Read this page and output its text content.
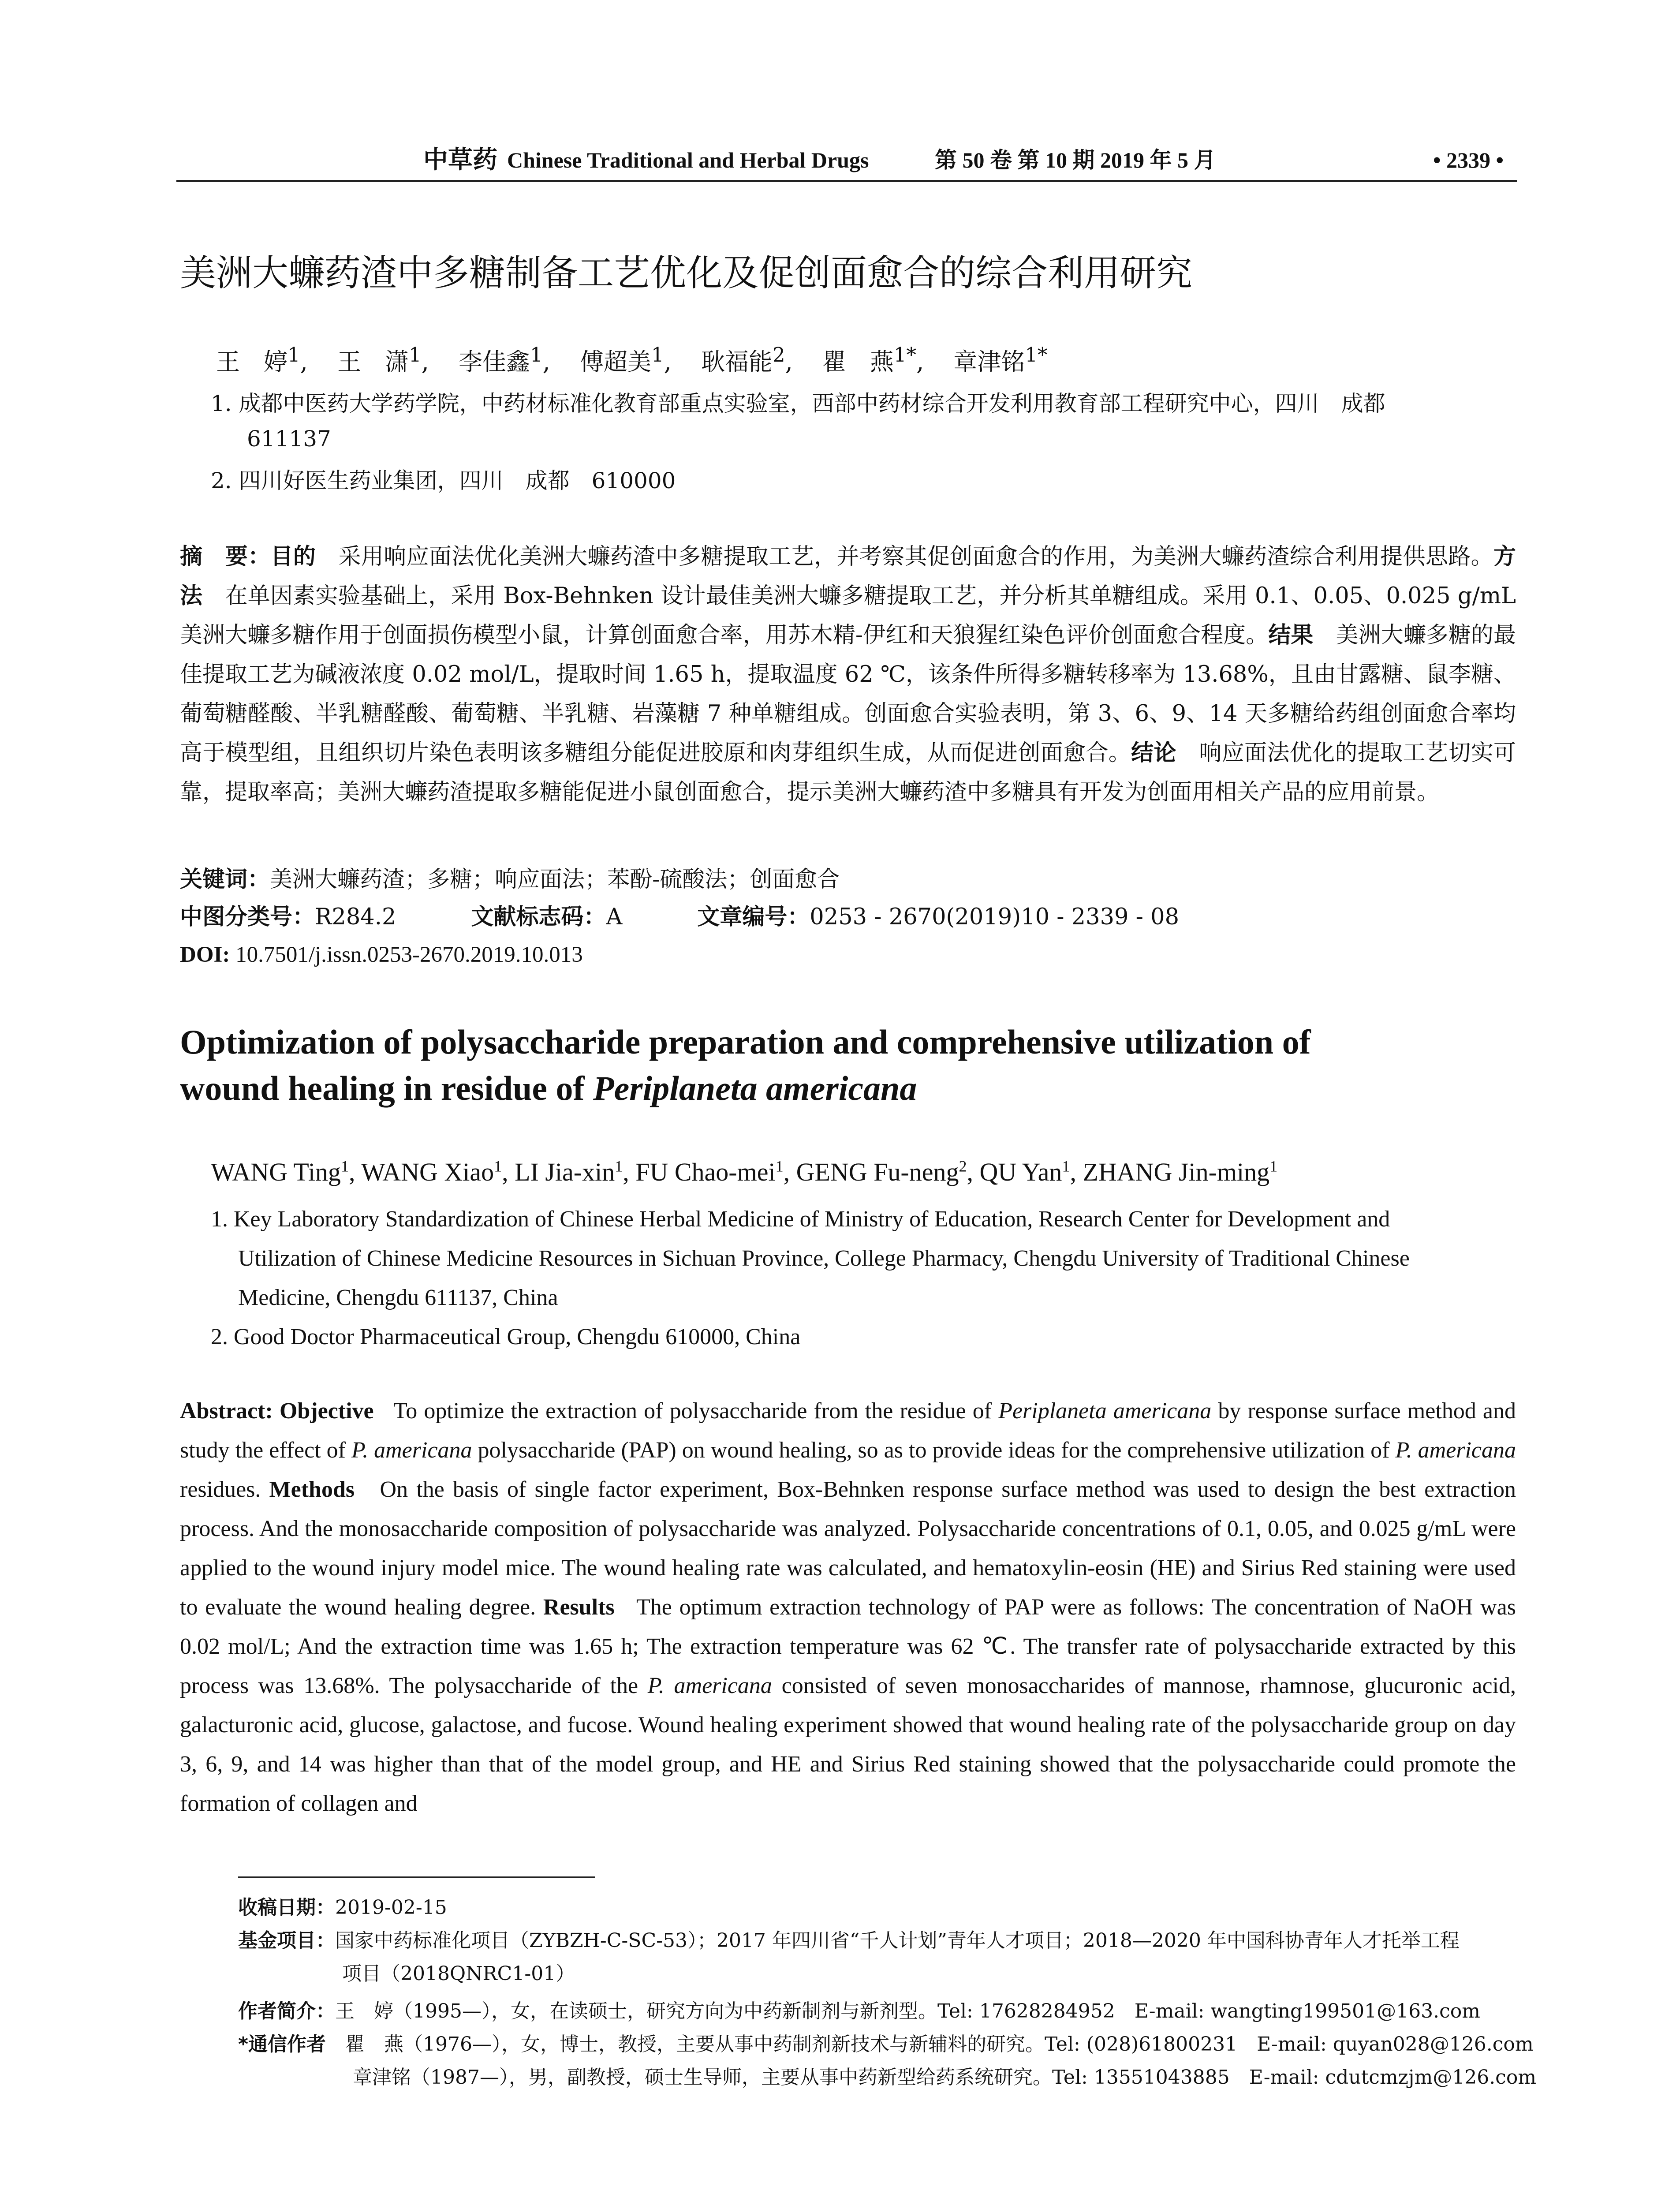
中草药 Chinese Traditional and Herbal Drugs	第 50 卷 第 10 期 2019 年 5 月	• 2339 •
美洲大蠊药渣中多糖制备工艺优化及促创面愈合的综合利用研究
王　婷$^1$, 王　潇$^1$, 李佳鑫$^1$, 傅超美$^1$, 耿福能$^2$, 瞿　燕$^{1*}$, 章津铭$^{1*}$
1. 成都中医药大学药学院，中药材标准化教育部重点实验室，西部中药材综合开发利用教育部工程研究中心，四川　成都
611137
2. 四川好医生药业集团，四川　成都　610000
摘　要：目的　 采用响应面法优化美洲大蠊药渣中多糖提取工艺，并考察其促创面愈合的作用，为美洲大蠊药渣综合利用提供思路。方法　 在单因素实验基础上，采用 Box-Behnken 设计最佳美洲大蠊多糖提取工艺，并分析其单糖组成。采用 0.1、0.05、0.025 g/mL 美洲大蠊多糖作用于创面损伤模型小鼠，计算创面愈合率，用苏木精-伊红和天狼猩红染色评价创面愈合程度。结果　 美洲大蠊多糖的最佳提取工艺为碱液浓度 0.02 mol/L，提取时间 1.65 h，提取温度 62 ℃，该条件所得多糖转移率为 13.68%，且由甘露糖、鼠李糖、葡萄糖醛酸、半乳糖醛酸、葡萄糖、半乳糖、岩藻糖 7 种单糖组成。创面愈合实验表明，第 3、6、9、14 天多糖给药组创面愈合率均高于模型组，且组织切片染色表明该多糖组分能促进胶原和肉芽组织生成，从而促进创面愈合。结论　 响应面法优化的提取工艺切实可靠，提取率高；美洲大蠊药渣提取多糖能促进小鼠创面愈合，提示美洲大蠊药渣中多糖具有开发为创面用相关产品的应用前景。
关键词：美洲大蠊药渣；多糖；响应面法；苯酚-硫酸法；创面愈合
中图分类号：R284.2	文献标志码：A	文章编号：0253 - 2670(2019)10 - 2339 - 08
DOI: 10.7501/j.issn.0253-2670.2019.10.013
Optimization of polysaccharide preparation and comprehensive utilization of
wound healing in residue of Periplaneta americana
WANG Ting$^1$, WANG Xiao$^1$, LI Jia-xin$^1$, FU Chao-mei$^1$, GENG Fu-neng$^2$, QU Yan$^1$, ZHANG Jin-ming$^1$
1. Key Laboratory Standardization of Chinese Herbal Medicine of Ministry of Education, Research Center for Development and
Utilization of Chinese Medicine Resources in Sichuan Province, College Pharmacy, Chengdu University of Traditional Chinese
Medicine, Chengdu 611137, China
2. Good Doctor Pharmaceutical Group, Chengdu 610000, China
Abstract: Objective To optimize the extraction of polysaccharide from the residue of Periplaneta americana by response surface method and study the effect of P. americana polysaccharide (PAP) on wound healing, so as to provide ideas for the comprehensive utilization of P. americana residues. Methods On the basis of single factor experiment, Box-Behnken response surface method was used to design the best extraction process. And the monosaccharide composition of polysaccharide was analyzed. Polysaccharide concentrations of 0.1, 0.05, and 0.025 g/mL were applied to the wound injury model mice. The wound healing rate was calculated, and hematoxylin-eosin (HE) and Sirius Red staining were used to evaluate the wound healing degree. Results The optimum extraction technology of PAP were as follows: The concentration of NaOH was 0.02 mol/L; And the extraction time was 1.65 h; The extraction temperature was 62 ℃. The transfer rate of polysaccharide extracted by this process was 13.68%. The polysaccharide of the P. americana consisted of seven monosaccharides of mannose, rhamnose, glucuronic acid, galacturonic acid, glucose, galactose, and fucose. Wound healing experiment showed that wound healing rate of the polysaccharide group on day 3, 6, 9, and 14 was higher than that of the model group, and HE and Sirius Red staining showed that the polysaccharide could promote the formation of collagen and
收稿日期：2019-02-15
基金项目：国家中药标准化项目（ZYBZH-C-SC-53）；2017 年四川省“千人计划”青年人才项目；2018—2020 年中国科协青年人才托举工程
项目（2018QNRC1-01）
作者简介：王　婷（1995—），女，在读硕士，研究方向为中药新制剂与新剂型。Tel: 17628284952　E-mail: wangting199501@163.com
*通信作者　 瞿　燕（1976—），女，博士，教授，主要从事中药制剂新技术与新辅料的研究。Tel: (028)61800231　E-mail: quyan028@126.com
章津铭（1987—），男，副教授，硕士生导师，主要从事中药新型给药系统研究。Tel: 13551043885　E-mail: cdutcmzjm@126.com
